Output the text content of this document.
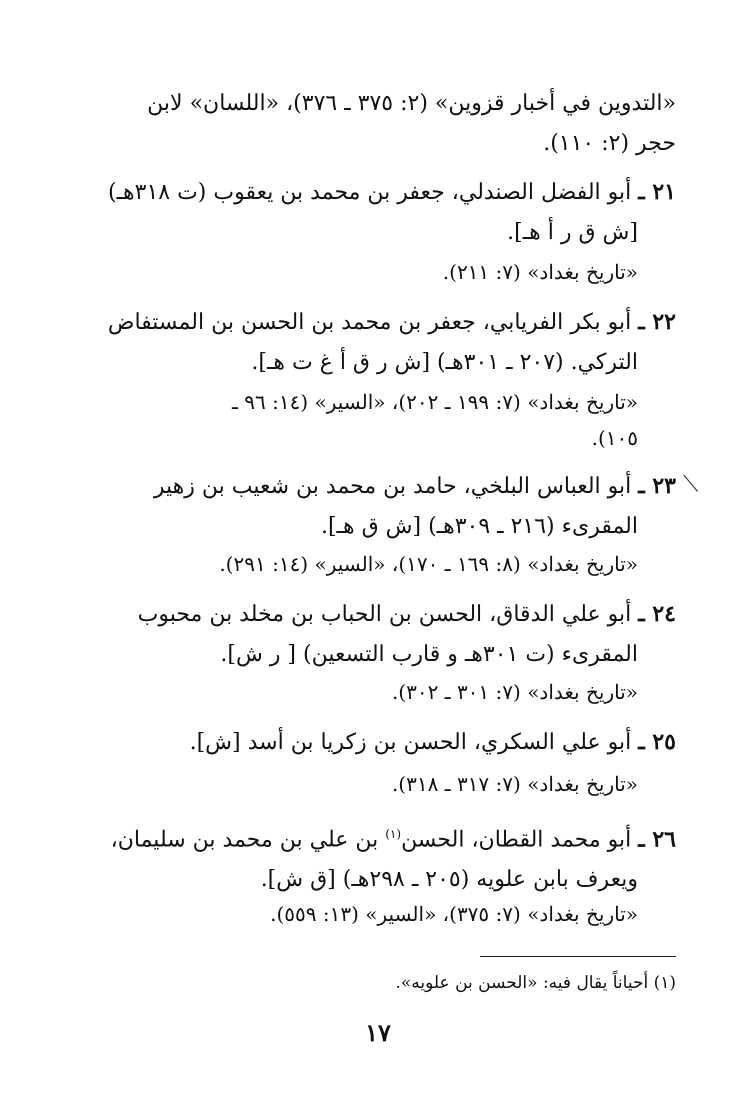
«التدوين في أخبار قزوين» (٢: ٣٧٥ ـ ٣٧٦)، «اللسان» لابن
حجر (٢: ١١٠).
٢١ ـ أبو الفضل الصندلي، جعفر بن محمد بن يعقوب (ت ٣١٨هـ)
[ش ق ر أ هـ].
«تاريخ بغداد» (٧: ٢١١).
٢٢ ـ أبو بكر الفريابي، جعفر بن محمد بن الحسن بن المستفاض
التركي. (٢٠٧ ـ ٣٠١هـ) [ش ر ق أ غ ت هـ].
«تاريخ بغداد» (٧: ١٩٩ ـ ٢٠٢)، «السير» (١٤: ٩٦ ـ
١٠٥).
⟋
٢٣ ـ أبو العباس البلخي، حامد بن محمد بن شعيب بن زهير
المقرىء (٢١٦ ـ ٣٠٩هـ) [ش ق هـ].
«تاريخ بغداد» (٨: ١٦٩ ـ ١٧٠)، «السير» (١٤: ٢٩١).
٢٤ ـ أبو علي الدقاق، الحسن بن الحباب بن مخلد بن محبوب
المقرىء (ت ٣٠١هـ و قارب التسعين) [ ر ش].
«تاريخ بغداد» (٧: ٣٠١ ـ ٣٠٢).
٢٥ ـ أبو علي السكري، الحسن بن زكريا بن أسد [ش].
«تاريخ بغداد» (٧: ٣١٧ ـ ٣١٨).
٢٦ ـ أبو محمد القطان، الحسن$^{(١)}$ بن علي بن محمد بن سليمان،
ويعرف بابن علويه (٢٠٥ ـ ٢٩٨هـ) [ق ش].
«تاريخ بغداد» (٧: ٣٧٥)، «السير» (١٣: ٥٥٩).
(١) أحياناً يقال فيه: «الحسن بن علويه».
١٧
